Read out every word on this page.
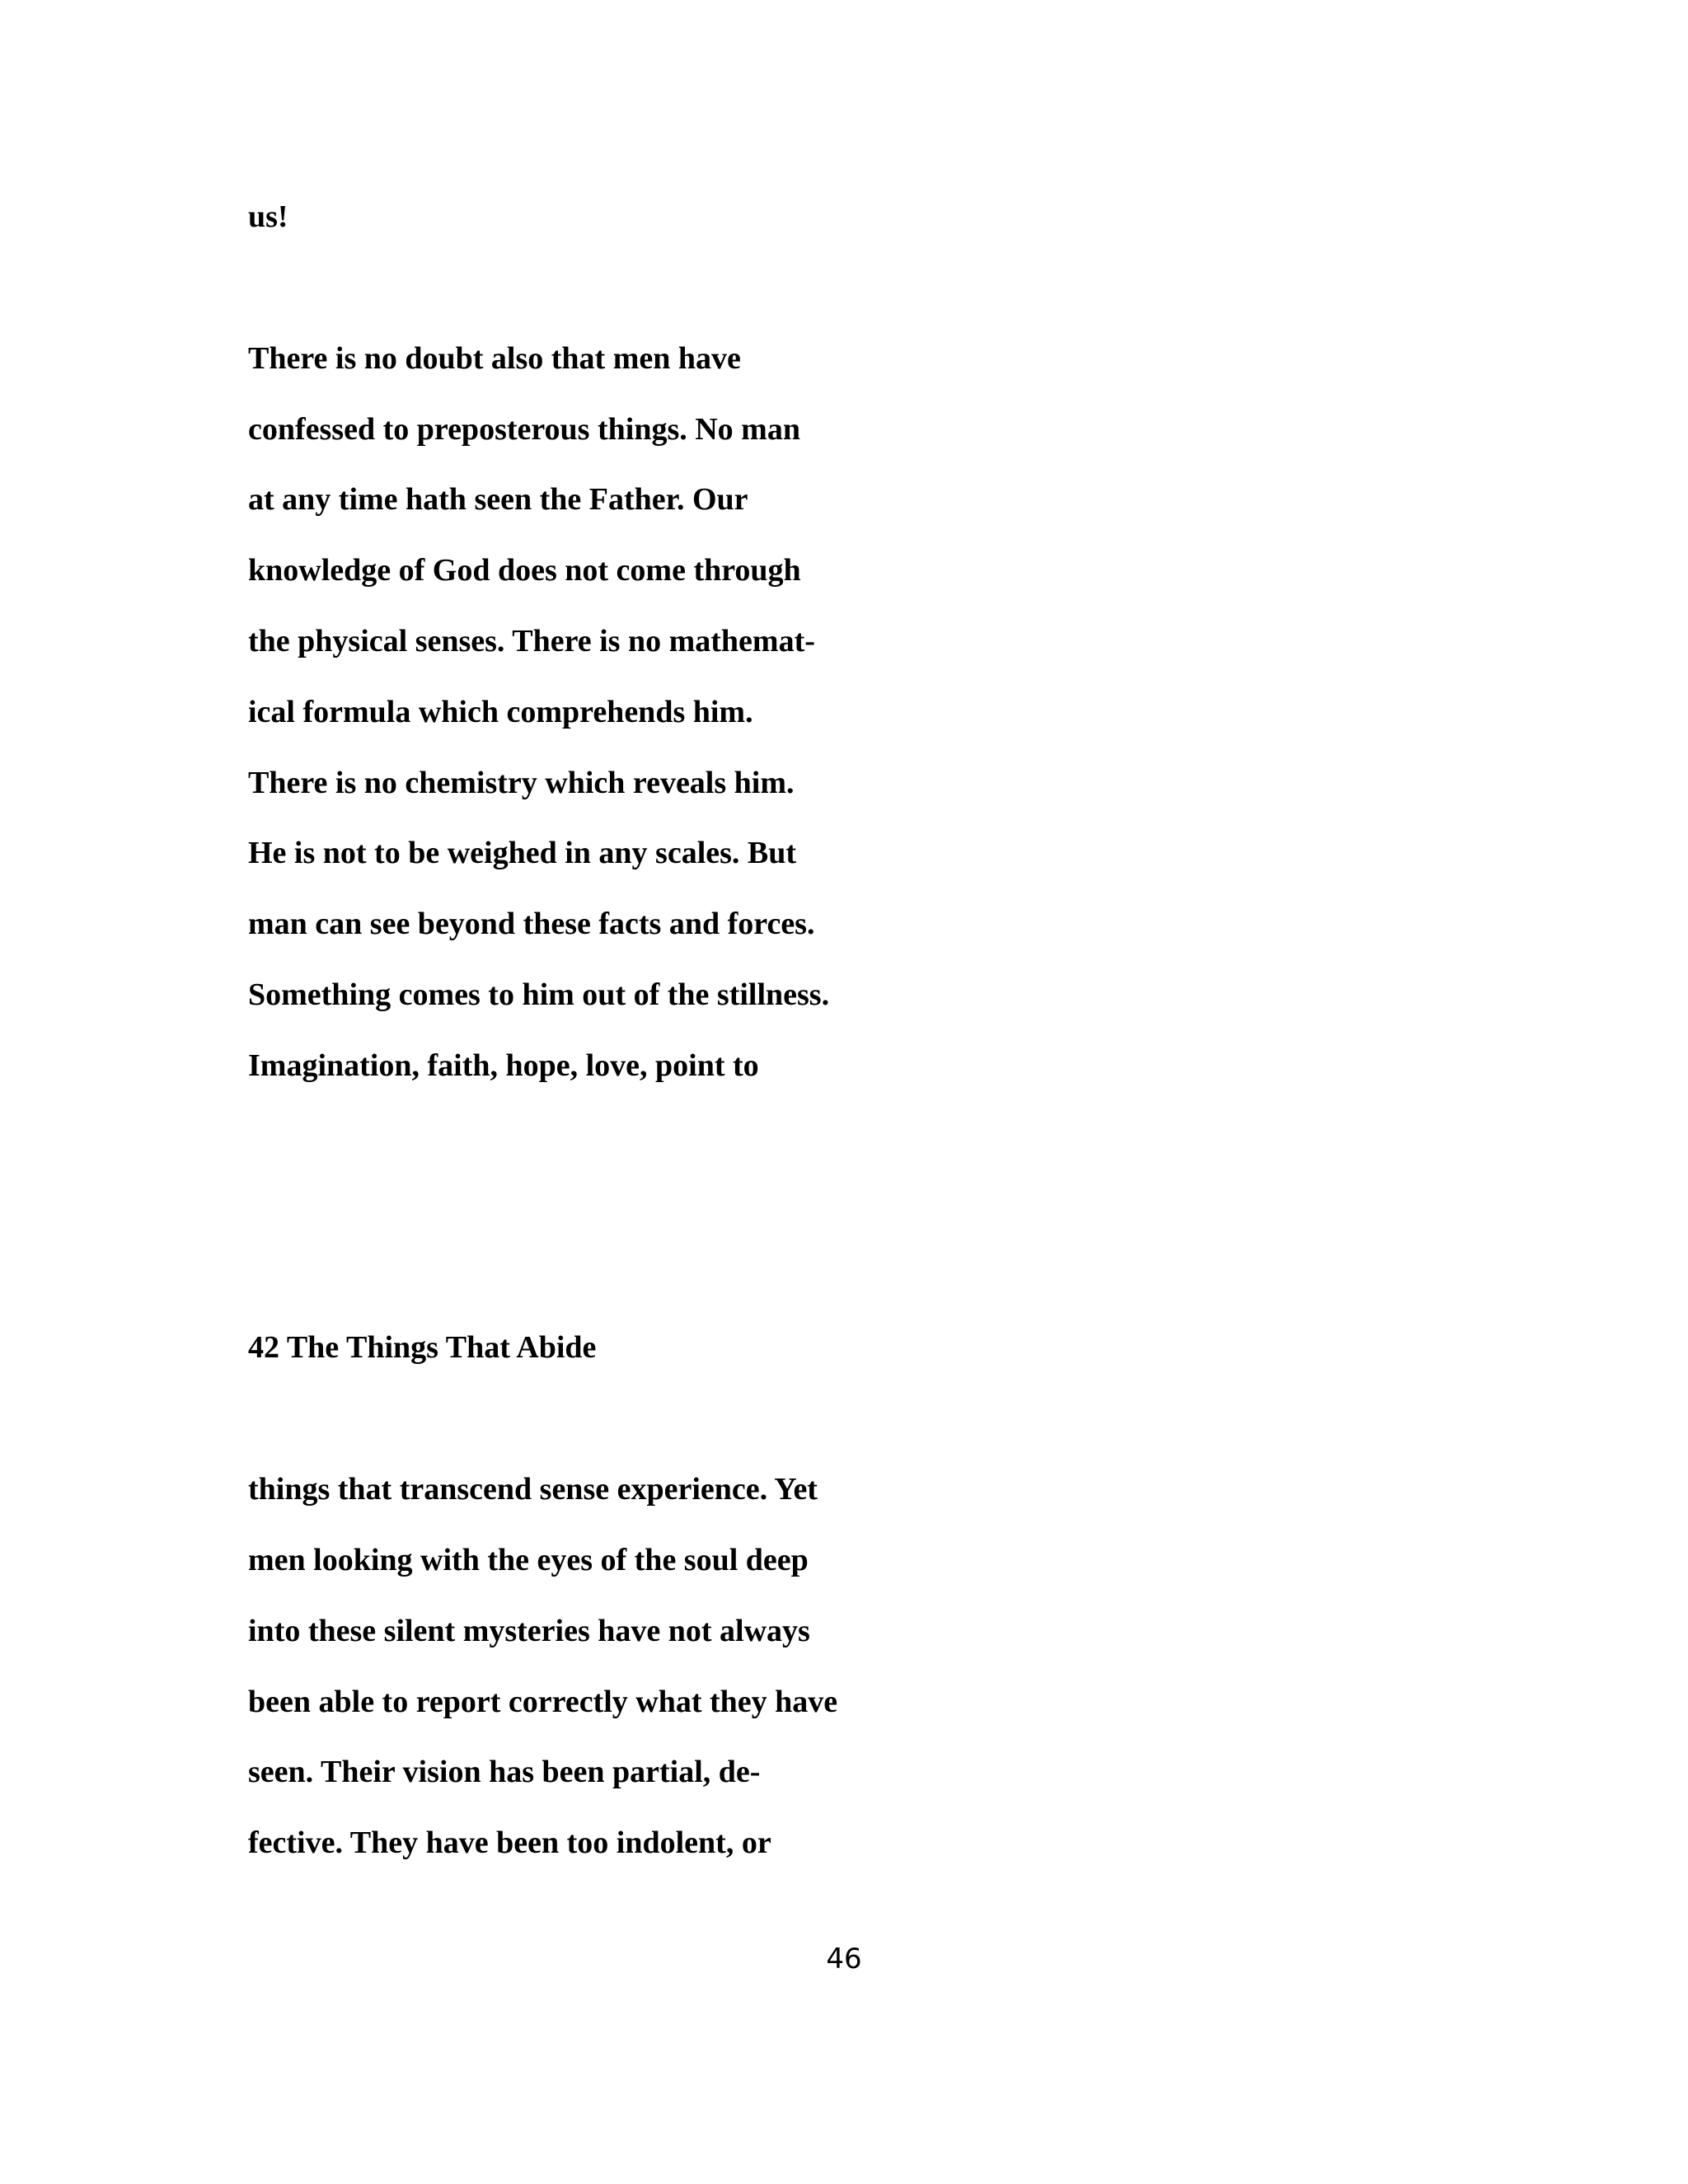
us!

There is no doubt also that men have

confessed to preposterous things. No man

at any time hath seen the Father. Our

knowledge of God does not come through

the physical senses. There is no mathemat-

ical formula which comprehends him.

There is no chemistry which reveals him.

He is not to be weighed in any scales. But

man can see beyond these facts and forces.

Something comes to him out of the stillness.

Imagination, faith, hope, love, point to

42 The Things That Abide

things that transcend sense experience. Yet

men looking with the eyes of the soul deep

into these silent mysteries have not always

been able to report correctly what they have

seen. Their vision has been partial, de-

fective. They have been too indolent, or

46
